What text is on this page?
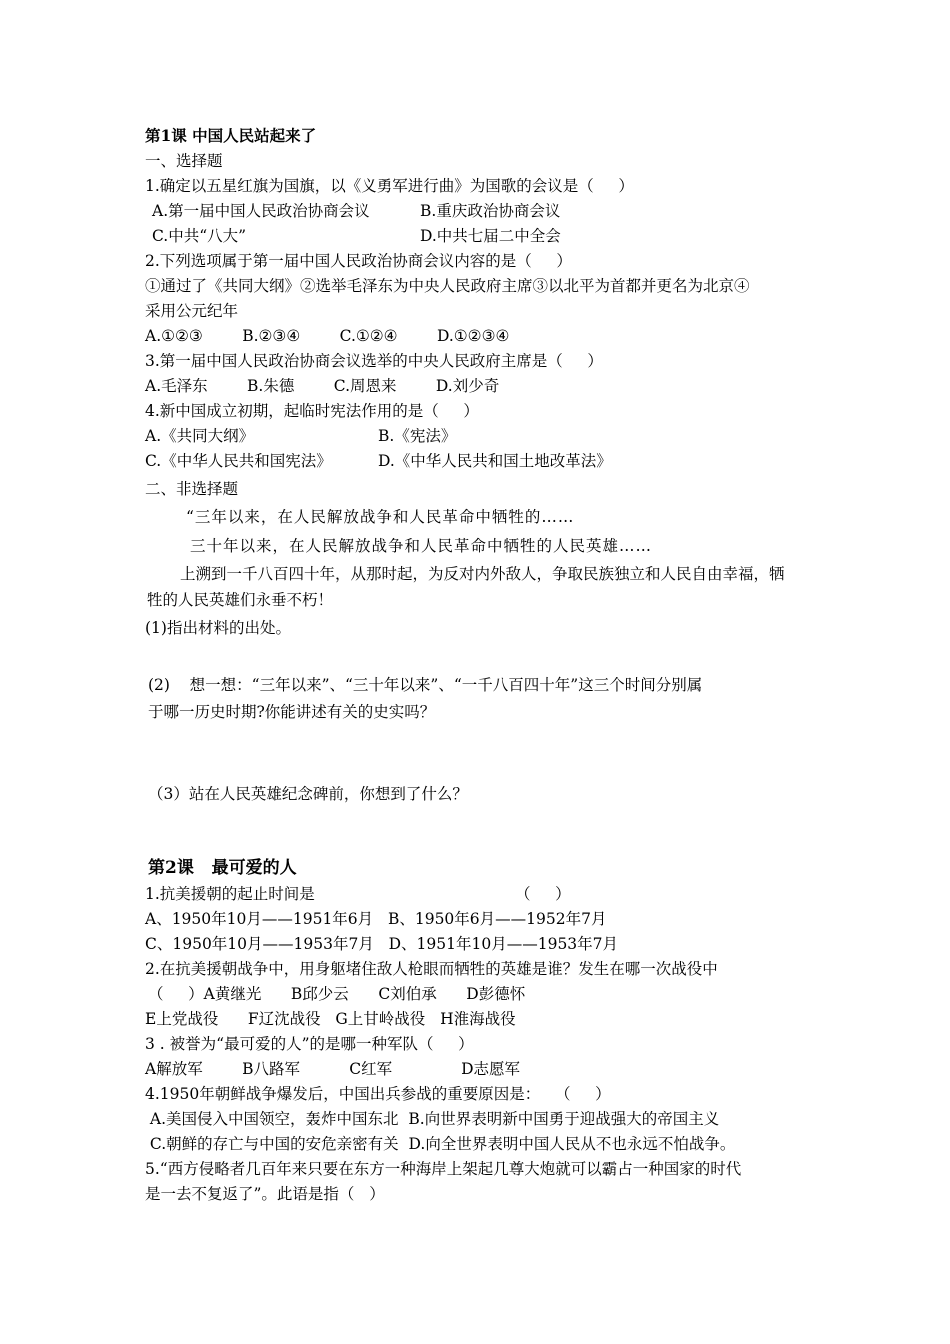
第1课 中国人民站起来了
一、选择题
1.确定以五星红旗为国旗，以《义勇军进行曲》为国歌的会议是（     ）
A.第一届中国人民政治协商会议	B.重庆政治协商会议
C.中共“八大”	D.中共七届二中全会
2.下列选项属于第一届中国人民政治协商会议内容的是（     ）
①通过了《共同大纲》②选举毛泽东为中央人民政府主席③以北平为首都并更名为北京④
采用公元纪年
A.①②③        B.②③④        C.①②④        D.①②③④
3.第一届中国人民政治协商会议选举的中央人民政府主席是（     ）
A.毛泽东        B.朱德        C.周恩来        D.刘少奇
4.新中国成立初期，起临时宪法作用的是（     ）
A.《共同大纲》	B.《宪法》
C.《中华人民共和国宪法》	D.《中华人民共和国土地改革法》
二、非选择题
“三年以来，在人民解放战争和人民革命中牺牲的……
三十年以来，在人民解放战争和人民革命中牺牲的人民英雄……
上溯到一千八百四十年，从那时起，为反对内外敌人，争取民族独立和人民自由幸福，牺
牲的人民英雄们永垂不朽！
(1)指出材料的出处。
(2)    想一想：“三年以来”、“三十年以来”、“一千八百四十年”这三个时间分别属
于哪一历史时期?你能讲述有关的史实吗？
（3）站在人民英雄纪念碑前，你想到了什么？
第2课   最可爱的人
1.抗美援朝的起止时间是	（     ）
A、1950年10月——1951年6月   B、1950年6月——1952年7月
C、1950年10月——1953年7月   D、1951年10月——1953年7月
2.在抗美援朝战争中，用身躯堵住敌人枪眼而牺牲的英雄是谁？发生在哪一次战役中
（     ）A黄继光      B邱少云      C刘伯承      D彭德怀
E上党战役      F辽沈战役   G上甘岭战役   H淮海战役
3 . 被誉为“最可爱的人”的是哪一种军队（     ）
A解放军        B八路军          C红军              D志愿军
4.1950年朝鲜战争爆发后，中国出兵参战的重要原因是：   （     ）
A.美国侵入中国领空，轰炸中国东北  B.向世界表明新中国勇于迎战强大的帝国主义
C.朝鲜的存亡与中国的安危亲密有关  D.向全世界表明中国人民从不也永远不怕战争。
5.“西方侵略者几百年来只要在东方一种海岸上架起几尊大炮就可以霸占一种国家的时代
是一去不复返了”。此语是指（   ）
